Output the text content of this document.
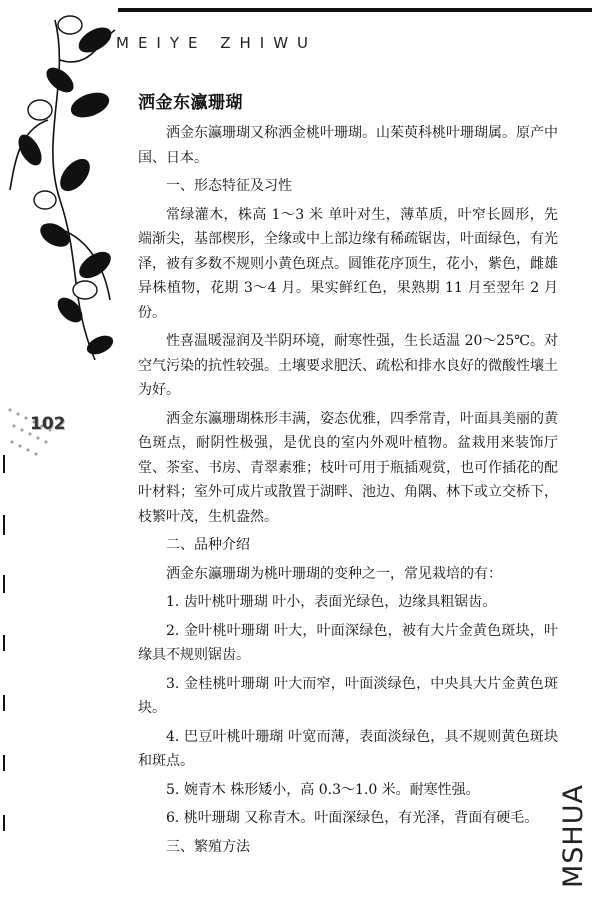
MEIYE ZHIWU
102
洒金东瀛珊瑚

洒金东瀛珊瑚又称洒金桃叶珊瑚。山茱萸科桃叶珊瑚属。原产中国、日本。

一、形态特征及习性

常绿灌木，株高 1～3 米 单叶对生，薄革质，叶窄长圆形，先端渐尖，基部楔形，全缘或中上部边缘有稀疏锯齿，叶面绿色，有光泽，被有多数不规则小黄色斑点。圆锥花序顶生，花小，紫色，雌雄异株植物，花期 3～4 月。果实鲜红色，果熟期 11 月至翌年 2 月份。

性喜温暖湿润及半阴环境，耐寒性强，生长适温 20～25℃。对空气污染的抗性较强。土壤要求肥沃、疏松和排水良好的微酸性壤土为好。

洒金东瀛珊瑚株形丰满，姿态优雅，四季常青，叶面具美丽的黄色斑点，耐阴性极强，是优良的室内外观叶植物。盆栽用来装饰厅堂、茶室、书房、青翠素雅；枝叶可用于瓶插观赏，也可作插花的配叶材料；室外可成片或散置于湖畔、池边、角隅、林下或立交桥下，枝繁叶茂，生机盎然。

二、品种介绍

洒金东瀛珊瑚为桃叶珊瑚的变种之一，常见栽培的有：

1. 齿叶桃叶珊瑚 叶小，表面光绿色，边缘具粗锯齿。

2. 金叶桃叶珊瑚 叶大，叶面深绿色，被有大片金黄色斑块，叶缘具不规则锯齿。

3. 金桂桃叶珊瑚 叶大而窄，叶面淡绿色，中央具大片金黄色斑块。

4. 巴豆叶桃叶珊瑚 叶宽而薄，表面淡绿色，具不规则黄色斑块和斑点。

5. 婉青木 株形矮小，高 0.3～1.0 米。耐寒性强。

6. 桃叶珊瑚 又称青木。叶面深绿色，有光泽，背面有硬毛。

三、繁殖方法	MSHUA
